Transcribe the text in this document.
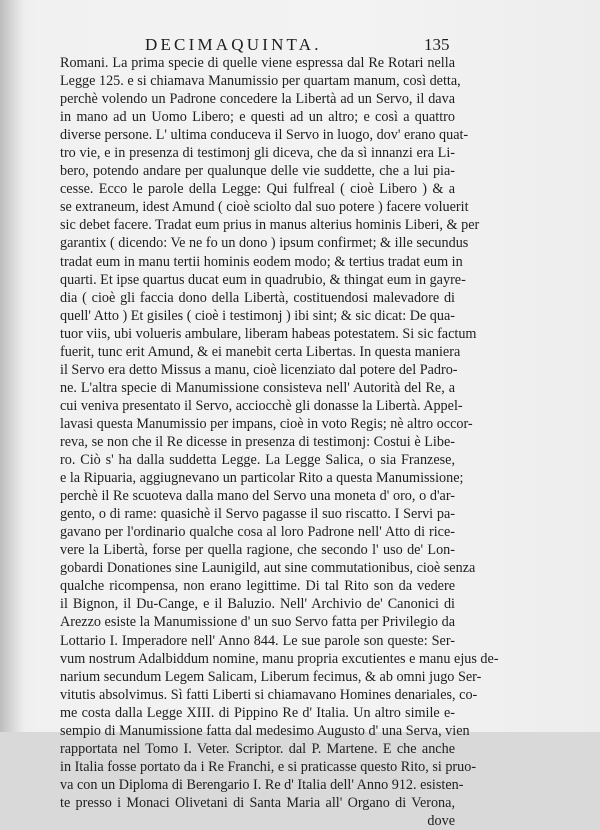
DECIMAQUINTA.	135
Romani. La prima specie di quelle viene espressa dal Re Rotari nella
Legge 125. e si chiamava Manumissio per quartam manum, così detta,
perchè volendo un Padrone concedere la Libertà ad un Servo, il dava
in mano ad un Uomo Libero; e questi ad un altro; e così a quattro
diverse persone. L' ultima conduceva il Servo in luogo, dov' erano quat-
tro vie, e in presenza di testimonj gli diceva, che da sì innanzi era Li-
bero, potendo andare per qualunque delle vie suddette, che a lui pia-
cesse. Ecco le parole della Legge: Qui fulfreal ( cioè Libero ) & a
se extraneum, idest Amund ( cioè sciolto dal suo potere ) facere voluerit
sic debet facere. Tradat eum prius in manus alterius hominis Liberi, & per
garantix ( dicendo: Ve ne fo un dono ) ipsum confirmet; & ille secundus
tradat eum in manu tertii hominis eodem modo; & tertius tradat eum in
quarti. Et ipse quartus ducat eum in quadrubio, & thingat eum in gayre-
dia ( cioè gli faccia dono della Libertà, costituendosi malevadore di
quell' Atto ) Et gisiles ( cioè i testimonj ) ibi sint; & sic dicat: De qua-
tuor viis, ubi volueris ambulare, liberam habeas potestatem. Si sic factum
fuerit, tunc erit Amund, & ei manebit certa Libertas. In questa maniera
il Servo era detto Missus a manu, cioè licenziato dal potere del Padro-
ne. L'altra specie di Manumissione consisteva nell' Autorità del Re, a
cui veniva presentato il Servo, acciocchè gli donasse la Libertà. Appel-
lavasi questa Manumissio per impans, cioè in voto Regis; nè altro occor-
reva, se non che il Re dicesse in presenza di testimonj: Costui è Libe-
ro. Ciò s' ha dalla suddetta Legge. La Legge Salica, o sia Franzese,
e la Ripuaria, aggiugnevano un particolar Rito a questa Manumissione;
perchè il Re scuoteva dalla mano del Servo una moneta d' oro, o d'ar-
gento, o di rame: quasichè il Servo pagasse il suo riscatto. I Servi pa-
gavano per l'ordinario qualche cosa al loro Padrone nell' Atto di rice-
vere la Libertà, forse per quella ragione, che secondo l' uso de' Lon-
gobardi Donationes sine Launigild, aut sine commutationibus, cioè senza
qualche ricompensa, non erano legittime. Di tal Rito son da vedere
il Bignon, il Du-Cange, e il Baluzio. Nell' Archivio de' Canonici di
Arezzo esiste la Manumissione d' un suo Servo fatta per Privilegio da
Lottario I. Imperadore nell' Anno 844. Le sue parole son queste: Ser-
vum nostrum Adalbiddum nomine, manu propria excutientes e manu ejus de-
narium secundum Legem Salicam, Liberum fecimus, & ab omni jugo Ser-
vitutis absolvimus. Sì fatti Liberti si chiamavano Homines denariales, co-
me costa dalla Legge XIII. di Pippino Re d' Italia. Un altro simile e-
sempio di Manumissione fatta dal medesimo Augusto d' una Serva, vien
rapportata nel Tomo I. Veter. Scriptor. dal P. Martene. E che anche
in Italia fosse portato da i Re Franchi, e si praticasse questo Rito, si pruo-
va con un Diploma di Berengario I. Re d' Italia dell' Anno 912. esisten-
te presso i Monaci Olivetani di Santa Maria all' Organo di Verona,
dove
